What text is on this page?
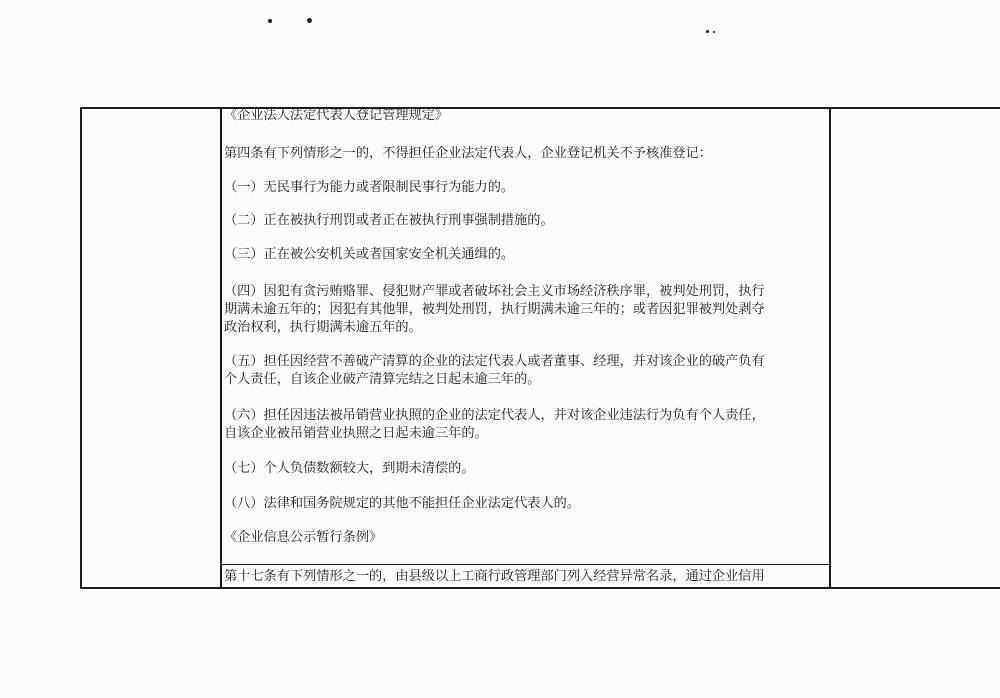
《企业法人法定代表人登记管理规定》
第四条有下列情形之一的，不得担任企业法定代表人，企业登记机关不予核准登记：
（一）无民事行为能力或者限制民事行为能力的。
（二）正在被执行刑罚或者正在被执行刑事强制措施的。
（三）正在被公安机关或者国家安全机关通缉的。
（四）因犯有贪污贿赂罪、侵犯财产罪或者破坏社会主义市场经济秩序罪，被判处刑罚，执行
期满未逾五年的；因犯有其他罪，被判处刑罚，执行期满未逾三年的；或者因犯罪被判处剥夺
政治权利，执行期满未逾五年的。
（五）担任因经营不善破产清算的企业的法定代表人或者董事、经理，并对该企业的破产负有
个人责任，自该企业破产清算完结之日起未逾三年的。
（六）担任因违法被吊销营业执照的企业的法定代表人，并对该企业违法行为负有个人责任，
自该企业被吊销营业执照之日起未逾三年的。
（七）个人负债数额较大，到期未清偿的。
（八）法律和国务院规定的其他不能担任企业法定代表人的。
《企业信息公示暂行条例》
第十七条有下列情形之一的，由县级以上工商行政管理部门列入经营异常名录，通过企业信用
